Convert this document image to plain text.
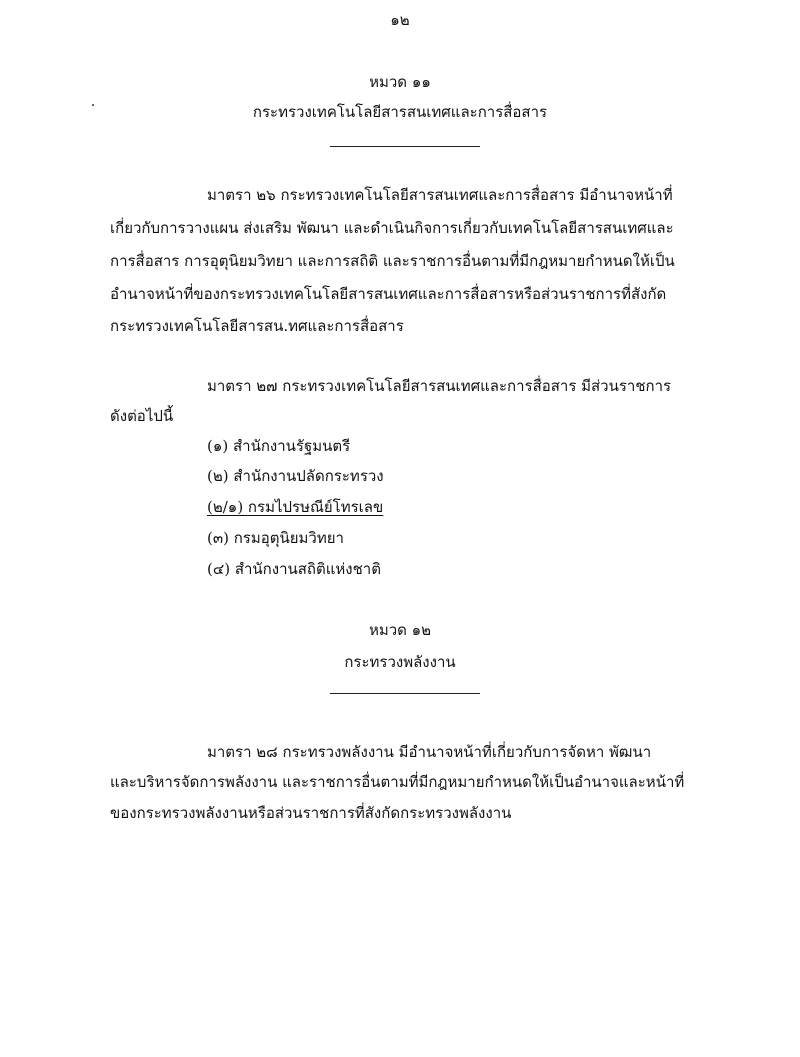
๑๒
หมวด ๑๑
กระทรวงเทคโนโลยีสารสนเทศและการสื่อสาร
มาตรา ๒๖ กระทรวงเทคโนโลยีสารสนเทศและการสื่อสาร มีอำนาจหน้าที่
เกี่ยวกับการวางแผน ส่งเสริม พัฒนา และดำเนินกิจการเกี่ยวกับเทคโนโลยีสารสนเทศและ
การสื่อสาร การอุตุนิยมวิทยา และการสถิติ และราชการอื่นตามที่มีกฎหมายกำหนดให้เป็น
อำนาจหน้าที่ของกระทรวงเทคโนโลยีสารสนเทศและการสื่อสารหรือส่วนราชการที่สังกัด
กระทรวงเทคโนโลยีสารสน.ทศและการสื่อสาร
มาตรา ๒๗ กระทรวงเทคโนโลยีสารสนเทศและการสื่อสาร มีส่วนราชการ
ดังต่อไปนี้
(๑) สำนักงานรัฐมนตรี
(๒) สำนักงานปลัดกระทรวง
(๒/๑) กรมไปรษณีย์โทรเลข
(๓) กรมอุตุนิยมวิทยา
(๔) สำนักงานสถิติแห่งชาติ
หมวด ๑๒
กระทรวงพลังงาน
มาตรา ๒๘ กระทรวงพลังงาน มีอำนาจหน้าที่เกี่ยวกับการจัดหา พัฒนา
และบริหารจัดการพลังงาน และราชการอื่นตามที่มีกฎหมายกำหนดให้เป็นอำนาจและหน้าที่
ของกระทรวงพลังงานหรือส่วนราชการที่สังกัดกระทรวงพลังงาน
